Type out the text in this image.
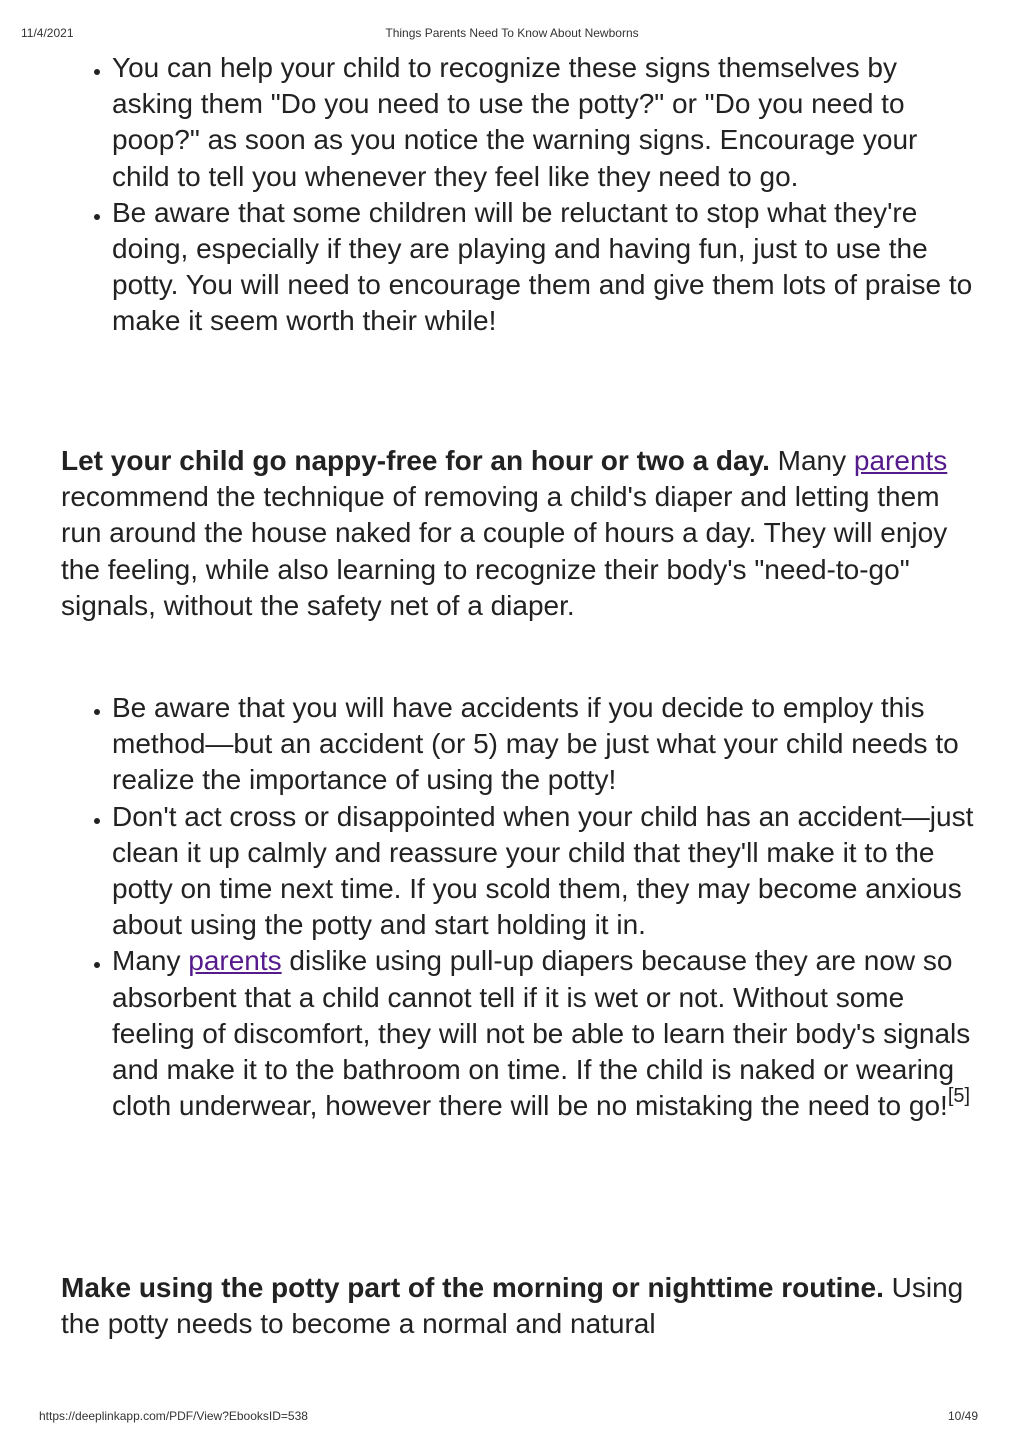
11/4/2021	Things Parents Need To Know About Newborns
• You can help your child to recognize these signs themselves by asking them "Do you need to use the potty?" or "Do you need to poop?" as soon as you notice the warning signs. Encourage your child to tell you whenever they feel like they need to go.
• Be aware that some children will be reluctant to stop what they're doing, especially if they are playing and having fun, just to use the potty. You will need to encourage them and give them lots of praise to make it seem worth their while!

Let your child go nappy-free for an hour or two a day. Many parents recommend the technique of removing a child's diaper and letting them run around the house naked for a couple of hours a day. They will enjoy the feeling, while also learning to recognize their body's "need-to-go" signals, without the safety net of a diaper.

• Be aware that you will have accidents if you decide to employ this method—but an accident (or 5) may be just what your child needs to realize the importance of using the potty!
• Don't act cross or disappointed when your child has an accident—just clean it up calmly and reassure your child that they'll make it to the potty on time next time. If you scold them, they may become anxious about using the potty and start holding it in.
• Many parents dislike using pull-up diapers because they are now so absorbent that a child cannot tell if it is wet or not. Without some feeling of discomfort, they will not be able to learn their body's signals and make it to the bathroom on time. If the child is naked or wearing cloth underwear, however there will be no mistaking the need to go![5]

Make using the potty part of the morning or nighttime routine. Using the potty needs to become a normal and natural

https://deeplinkapp.com/PDF/View?EbooksID=538	10/49
